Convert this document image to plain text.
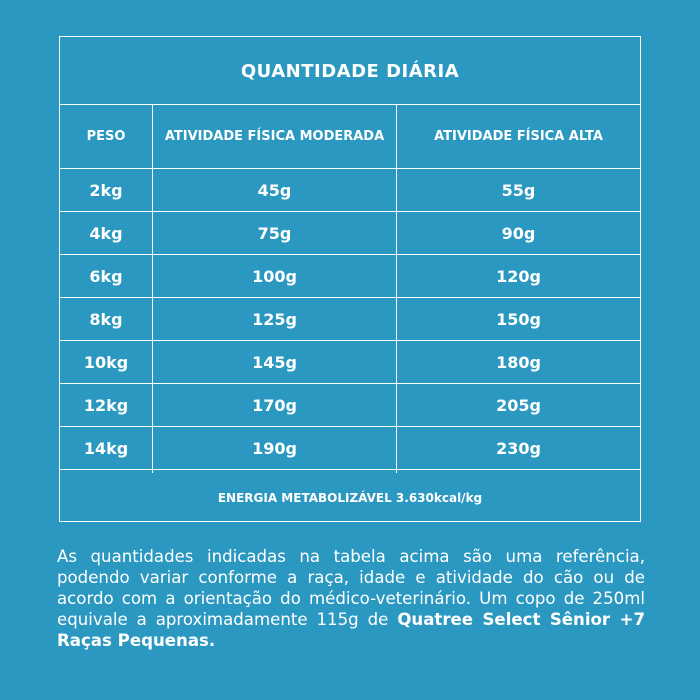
QUANTIDADE DIÁRIA
PESO	ATIVIDADE FÍSICA MODERADA	ATIVIDADE FÍSICA ALTA
2kg	45g	55g
4kg	75g	90g
6kg	100g	120g
8kg	125g	150g
10kg	145g	180g
12kg	170g	205g
14kg	190g	230g
ENERGIA METABOLIZÁVEL 3.630kcal/kg
As quantidades indicadas na tabela acima são uma referência, podendo variar conforme a raça, idade e atividade do cão ou de acordo com a orientação do médico-veterinário. Um copo de 250ml equivale a aproximadamente 115g de Quatree Select Sênior +7 Raças Pequenas.
